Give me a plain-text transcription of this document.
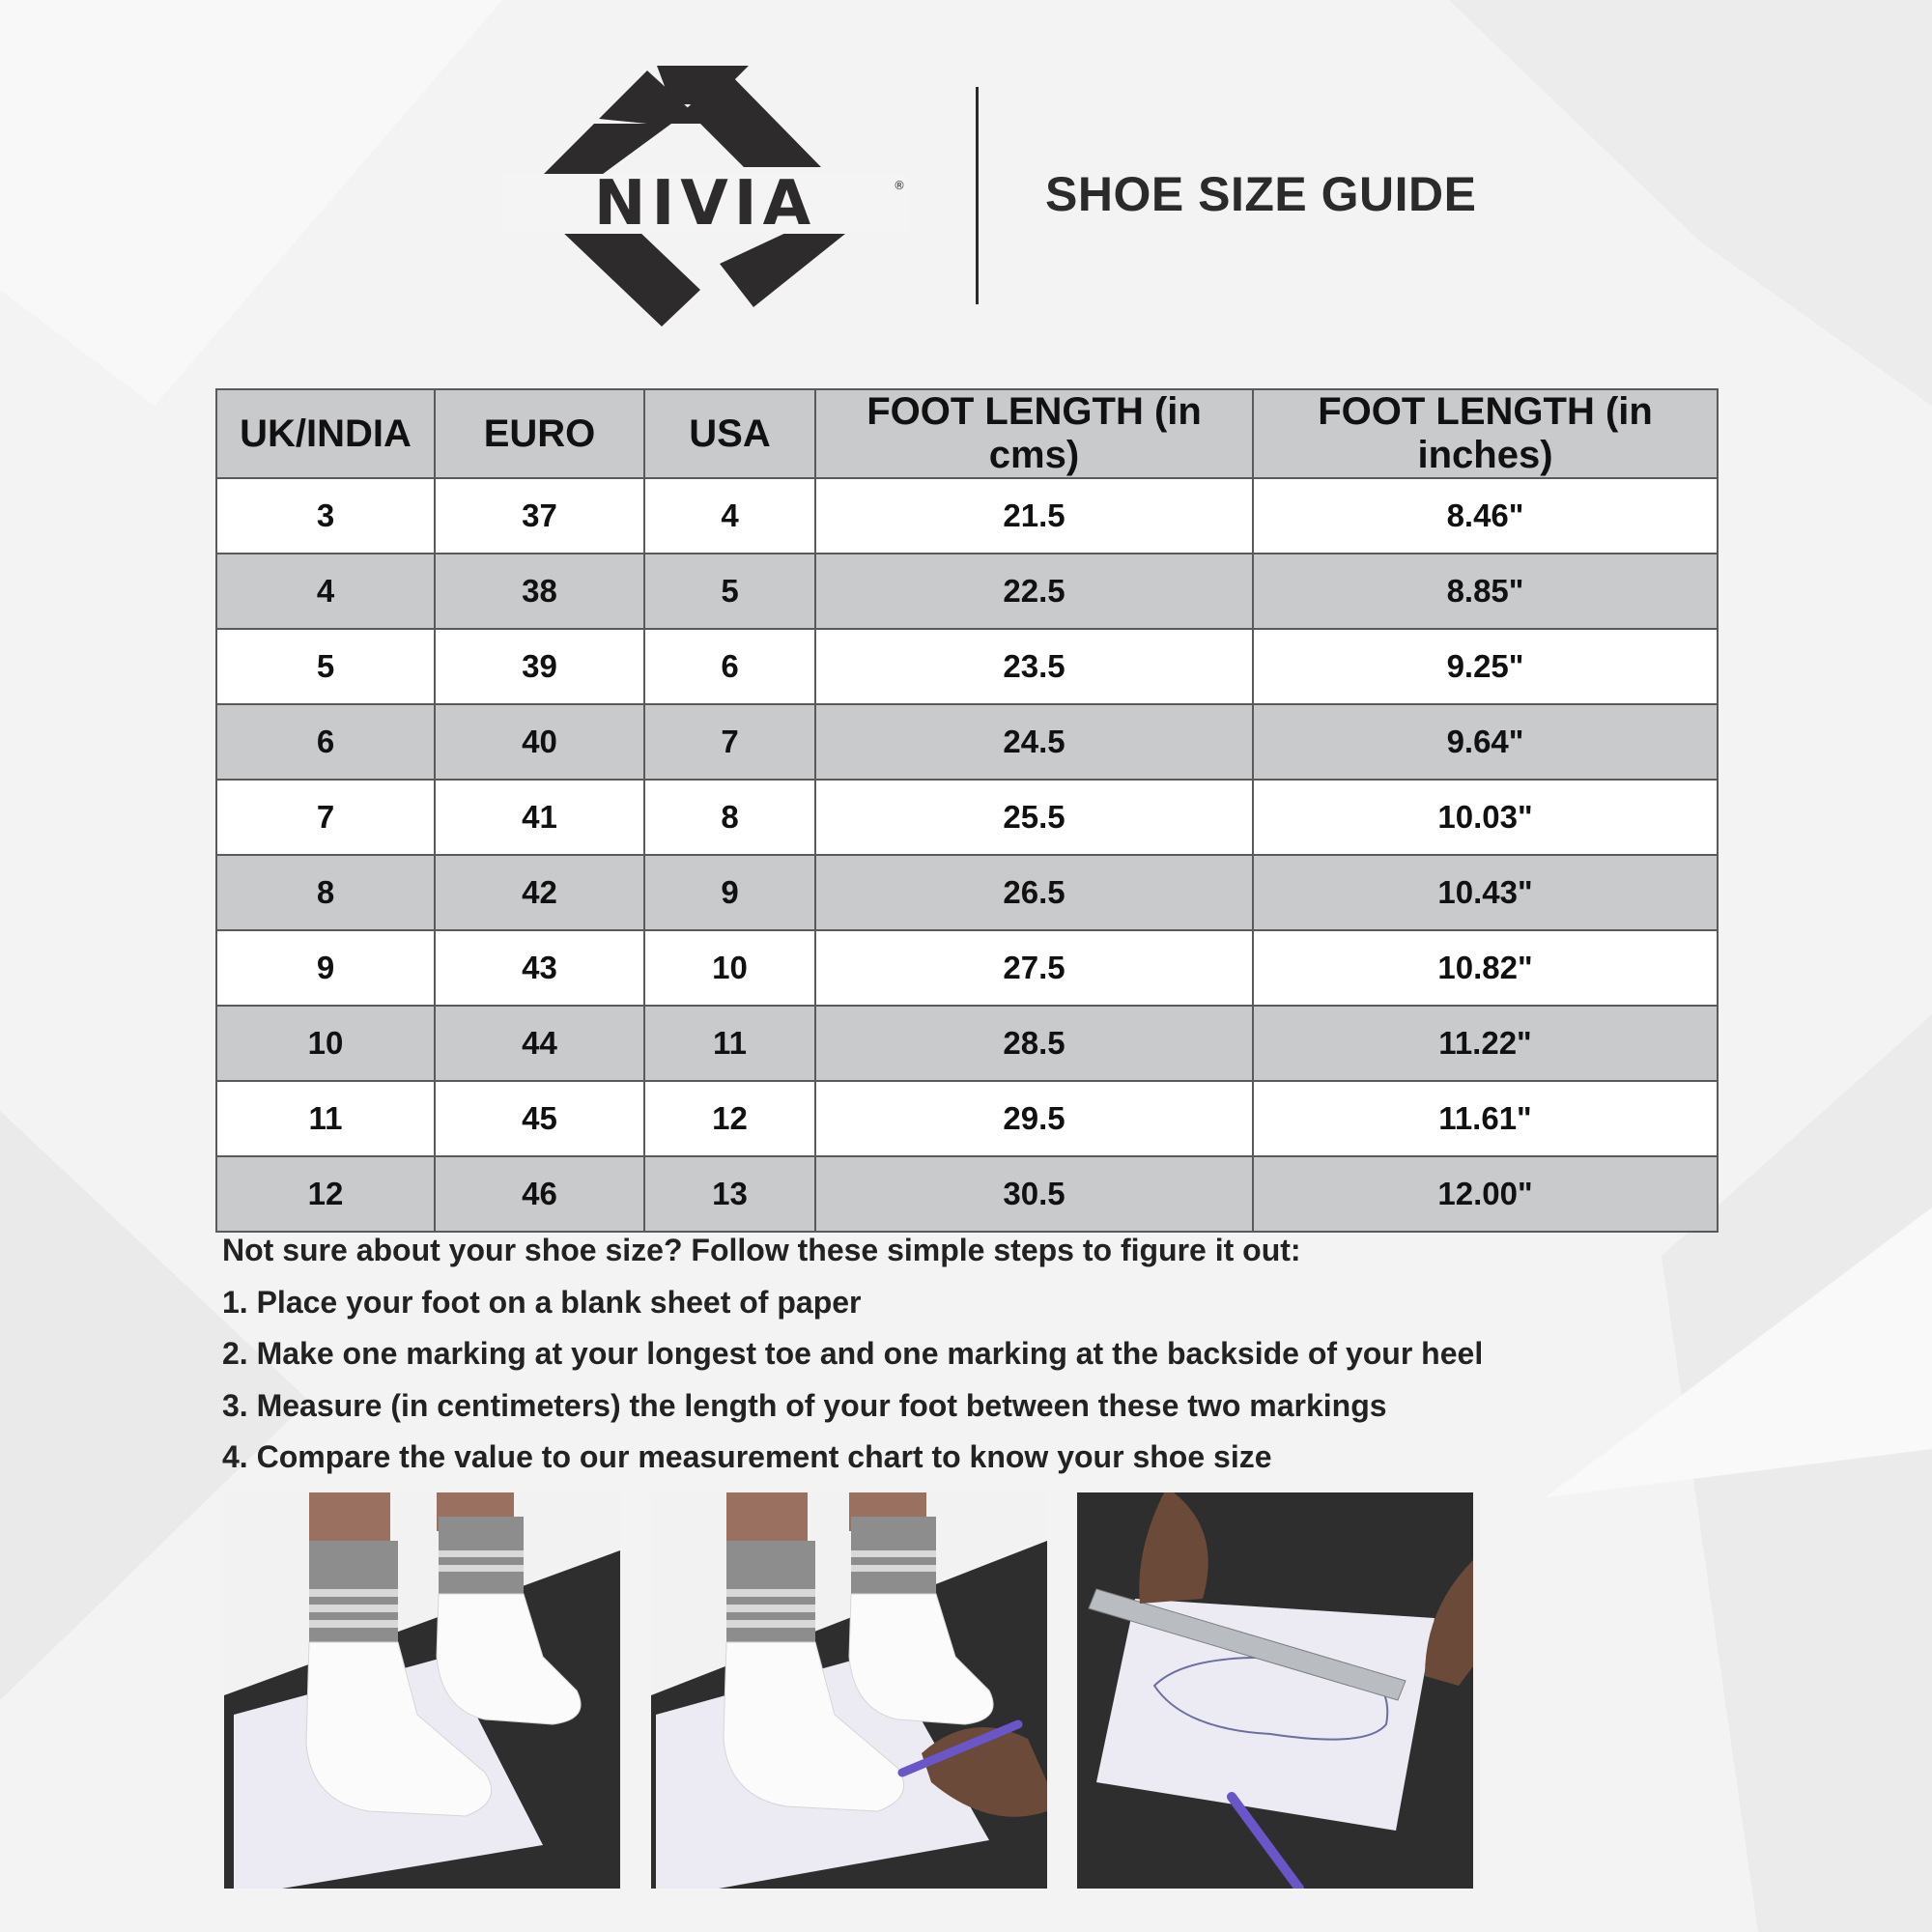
NIVIA	®	SHOE SIZE GUIDE
UK/INDIA	EURO	USA	FOOT LENGTH (in cms)	FOOT LENGTH (in inches)
3	37	4	21.5	8.46"
4	38	5	22.5	8.85"
5	39	6	23.5	9.25"
6	40	7	24.5	9.64"
7	41	8	25.5	10.03"
8	42	9	26.5	10.43"
9	43	10	27.5	10.82"
10	44	11	28.5	11.22"
11	45	12	29.5	11.61"
12	46	13	30.5	12.00"

Not sure about your shoe size? Follow these simple steps to figure it out:

1. Place your foot on a blank sheet of paper

2. Make one marking at your longest toe and one marking at the backside of your heel

3. Measure (in centimeters) the length of your foot between these two markings

4. Compare the value to our measurement chart to know your shoe size
